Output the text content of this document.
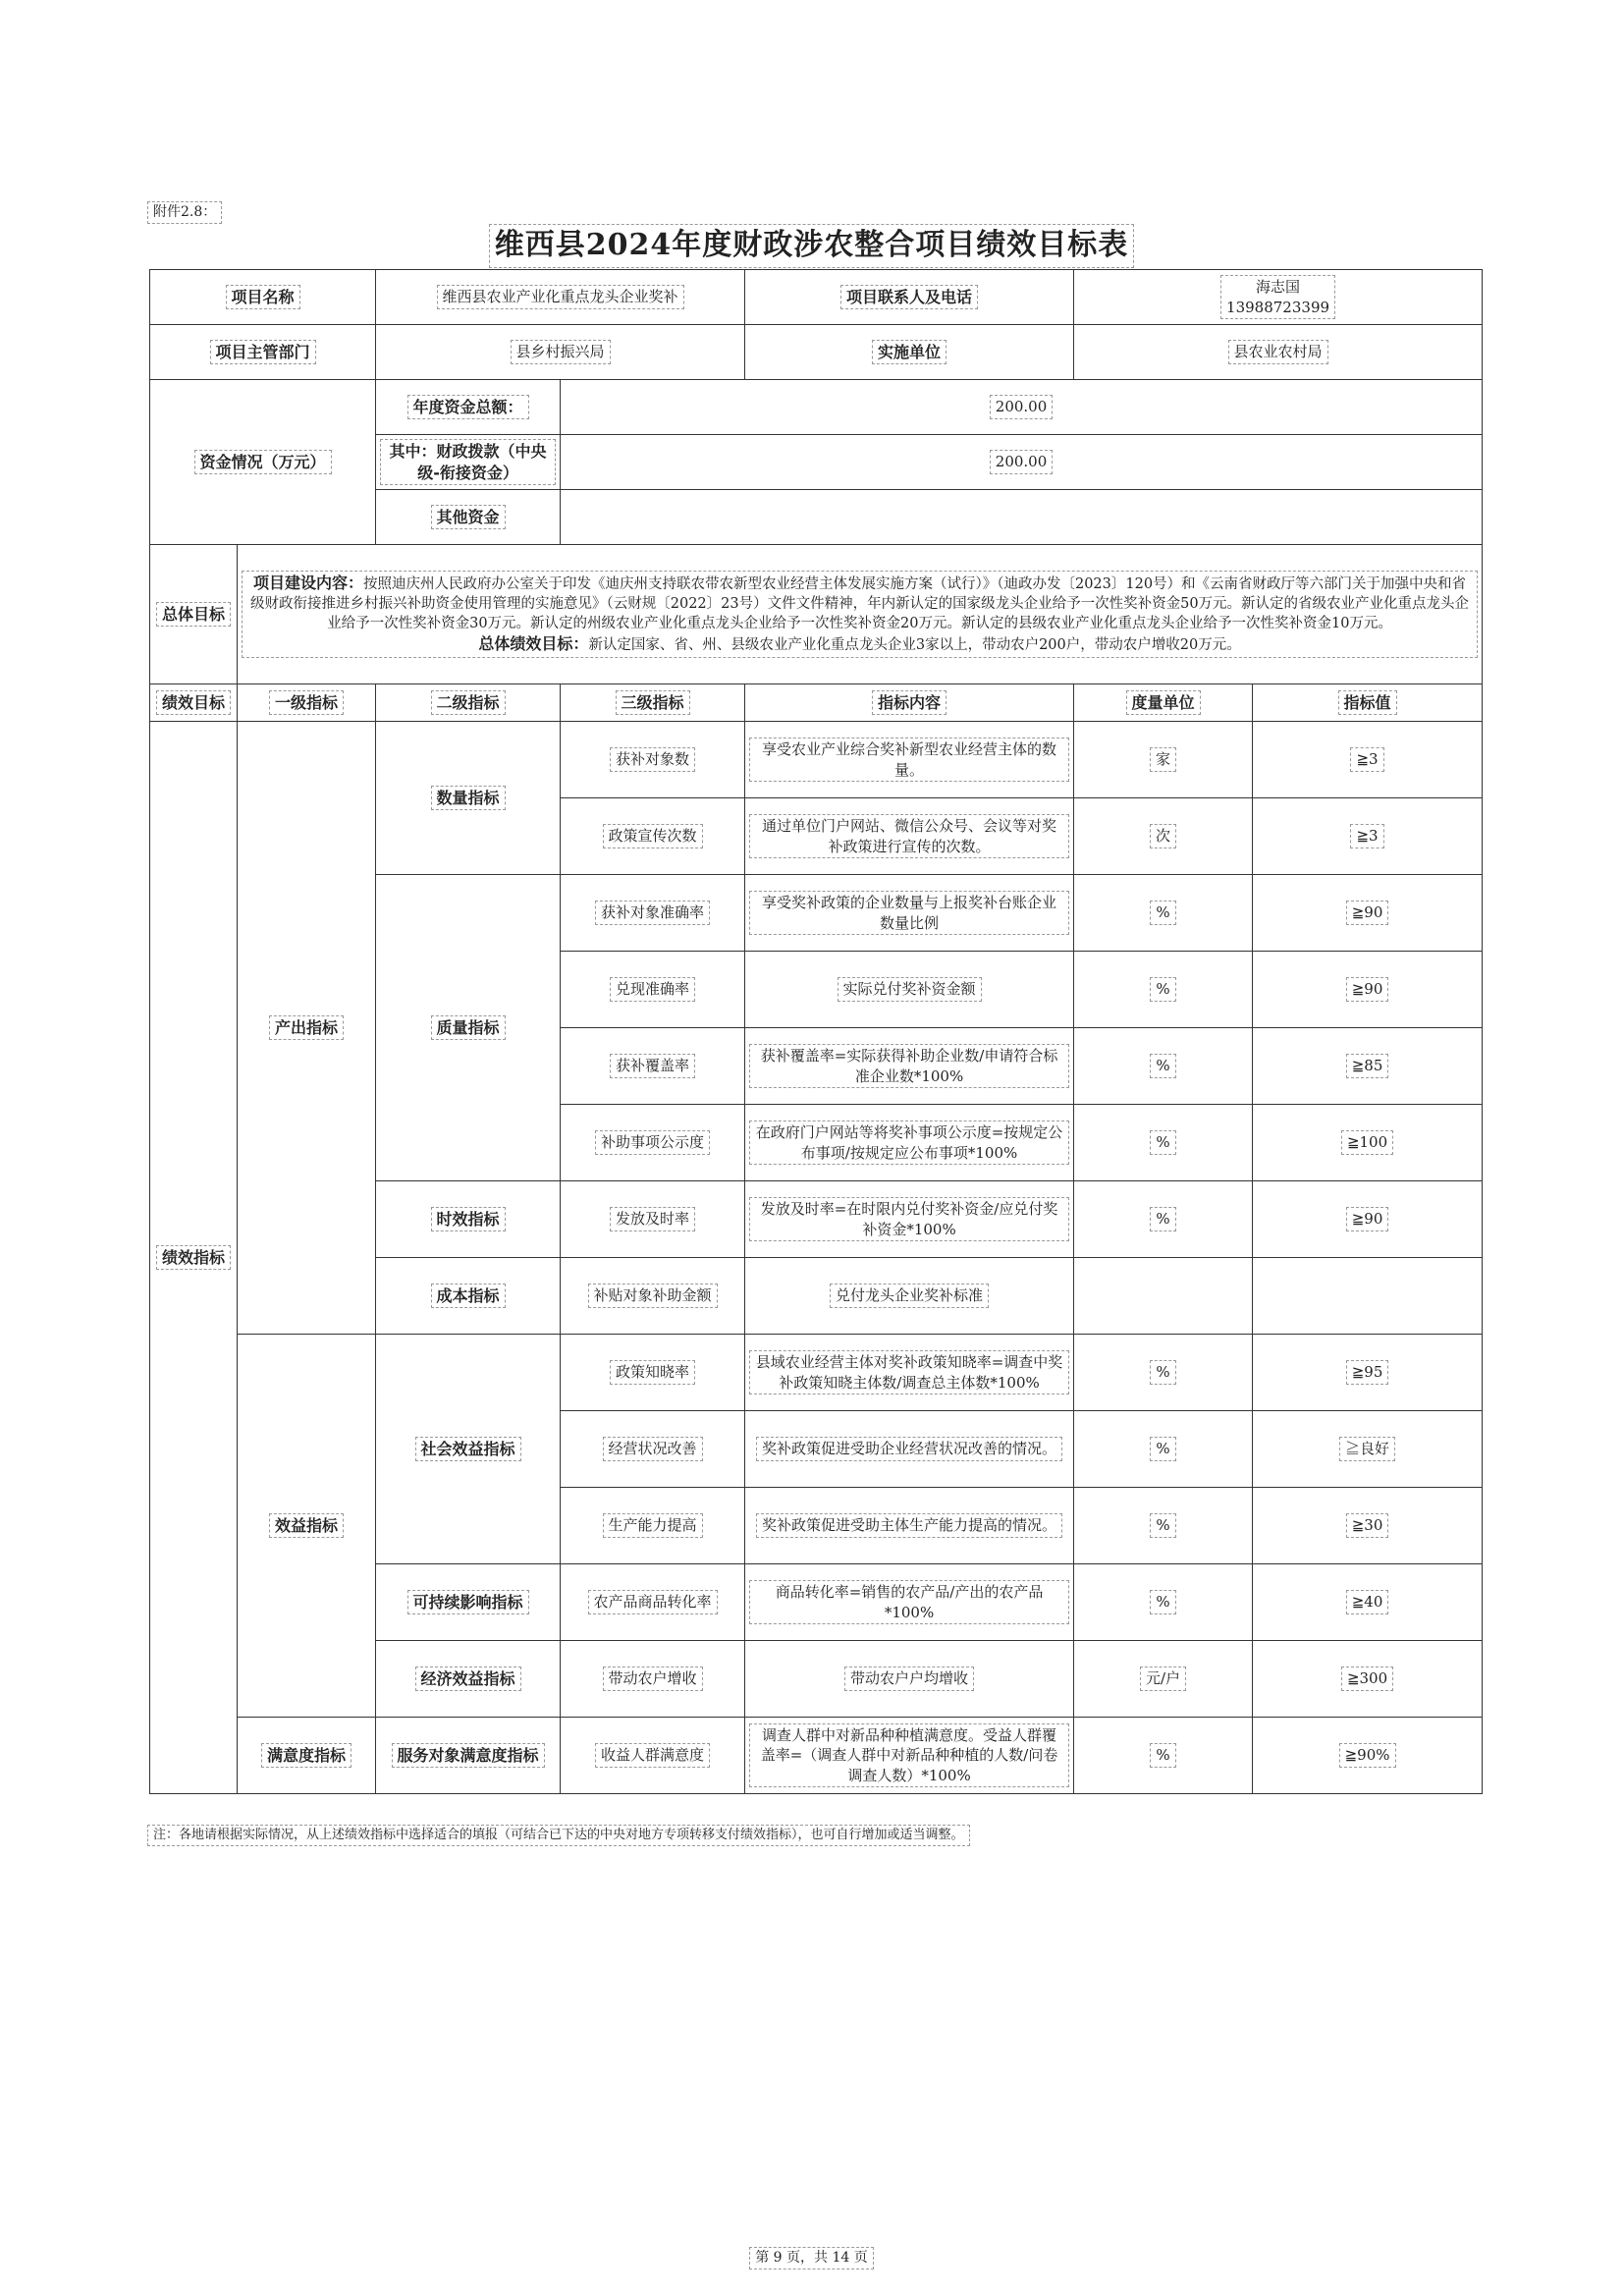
附件2.8：
维西县2024年度财政涉农整合项目绩效目标表
项目名称		维西县农业产业化重点龙头企业奖补		项目联系人及电话	海志国
13988723399	
项目主管部门		县乡村振兴局		实施单位	县农业农村局	
资金情况（万元）		年度资金总额：	200.00			
		其中：财政拨款（中央级-衔接资金）	200.00			
		其他资金				
总体目标	项目建设内容：按照迪庆州人民政府办公室关于印发《迪庆州支持联农带农新型农业经营主体发展实施方案（试行）》（迪政办发〔2023〕120号）和《云南省财政厅等六部门关于加强中央和省级财政衔接推进乡村振兴补助资金使用管理的实施意见》（云财规〔2022〕23号）文件文件精神，年内新认定的国家级龙头企业给予一次性奖补资金50万元。新认定的省级农业产业化重点龙头企业给予一次性奖补资金30万元。新认定的州级农业产业化重点龙头企业给予一次性奖补资金20万元。新认定的县级农业产业化重点龙头企业给予一次性奖补资金10万元。
总体绩效目标：新认定国家、省、州、县级农业产业化重点龙头企业3家以上，带动农户200户，带动农户增收20万元。					

绩效目标	一级指标	二级指标	三级指标	指标内容	度量单位	指标值
绩效指标	产出指标	数量指标	获补对象数	享受农业产业综合奖补新型农业经营主体的数量。	家	≧3
			政策宣传次数	通过单位门户网站、微信公众号、会议等对奖补政策进行宣传的次数。	次	≧3
		质量指标	获补对象准确率	享受奖补政策的企业数量与上报奖补台账企业数量比例	%	≧90
			兑现准确率	实际兑付奖补资金额	%	≧90
			获补覆盖率	获补覆盖率=实际获得补助企业数/申请符合标准企业数*100%	%	≧85
			补助事项公示度	在政府门户网站等将奖补事项公示度=按规定公布事项/按规定应公布事项*100%	%	≧100
		时效指标	发放及时率	发放及时率=在时限内兑付奖补资金/应兑付奖补资金*100%	%	≧90
		成本指标	补贴对象补助金额	兑付龙头企业奖补标准		
	效益指标	社会效益指标	政策知晓率	县域农业经营主体对奖补政策知晓率=调查中奖补政策知晓主体数/调查总主体数*100%	%	≧95
			经营状况改善	奖补政策促进受助企业经营状况改善的情况。	%	≧良好
			生产能力提高	奖补政策促进受助主体生产能力提高的情况。	%	≧30
		可持续影响指标	农产品商品转化率	商品转化率=销售的农产品/产出的农产品*100%	%	≧40
		经济效益指标	带动农户增收	带动农户户均增收	元/户	≧300
	满意度指标	服务对象满意度指标	收益人群满意度	调查人群中对新品种种植满意度。受益人群覆盖率=（调查人群中对新品种种植的人数/问卷调查人数）*100%	%	≧90%
注：各地请根据实际情况，从上述绩效指标中选择适合的填报（可结合已下达的中央对地方专项转移支付绩效指标），也可自行增加或适当调整。
第 9 页，共 14 页
